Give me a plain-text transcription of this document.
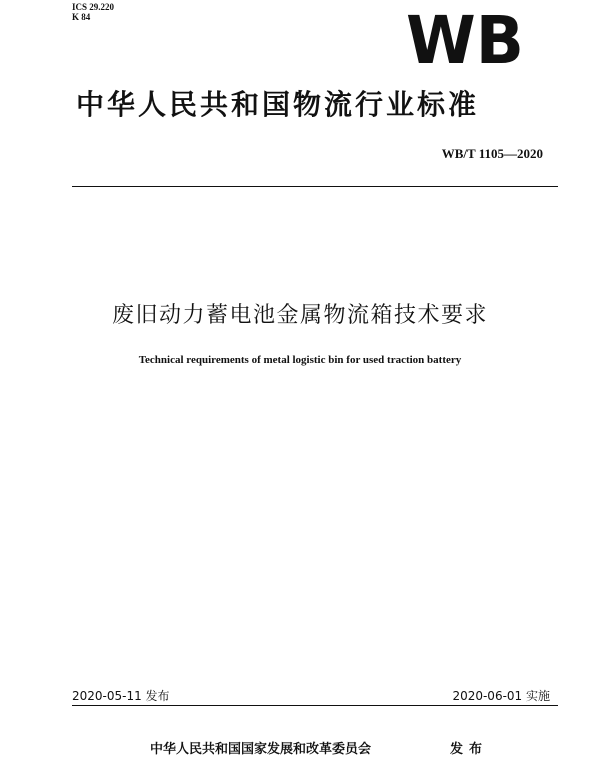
ICS 29.220
K 84	WB
中华人民共和国物流行业标准
WB/T 1105—2020
废旧动力蓄电池金属物流箱技术要求
Technical requirements of metal logistic bin for used traction battery
2020-05-11 发布	2020-06-01 实施
中华人民共和国国家发展和改革委员会	发布
